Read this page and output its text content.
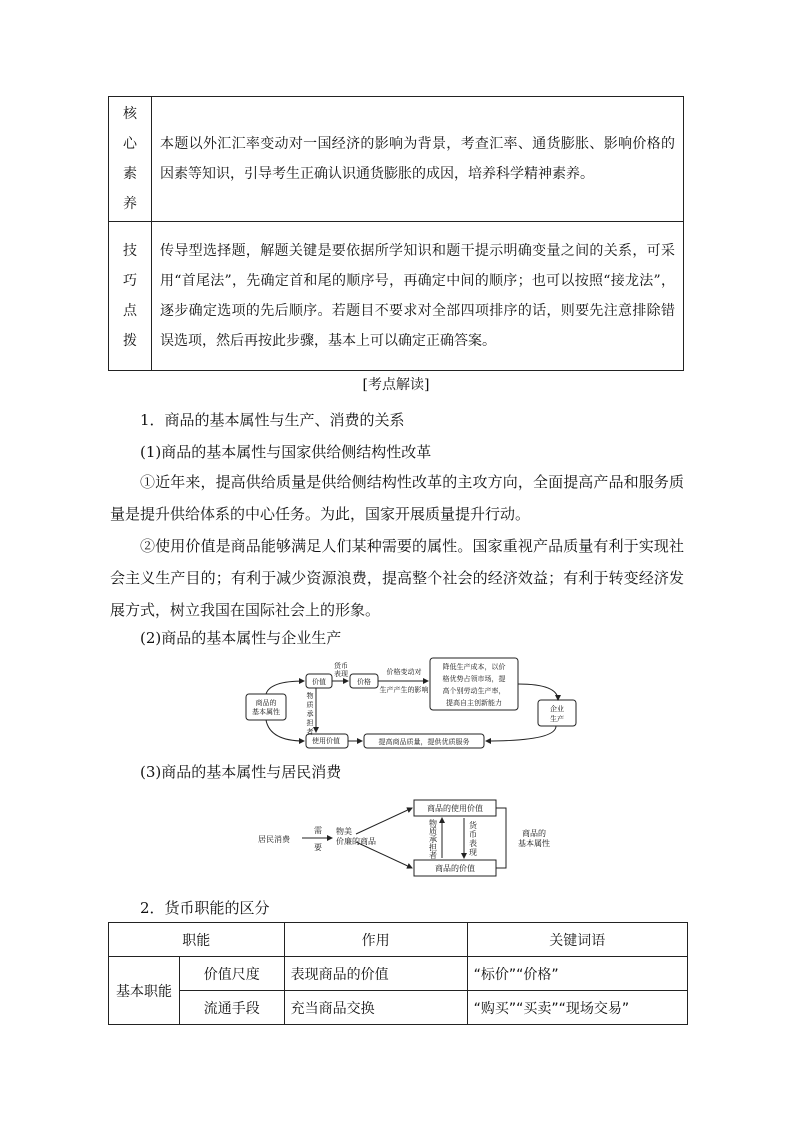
核
心
素
养	本题以外汇汇率变动对一国经济的影响为背景，考查汇率、通货膨胀、影响价格的因素等知识，引导考生正确认识通货膨胀的成因，培养科学精神素养。

技
巧
点
拨	传导型选择题，解题关键是要依据所学知识和题干提示明确变量之间的关系，可采用“首尾法”，先确定首和尾的顺序号，再确定中间的顺序；也可以按照“接龙法”，逐步确定选项的先后顺序。若题目不要求对全部四项排序的话，则要先注意排除错误选项，然后再按此步骤，基本上可以确定正确答案。
[考点解读]
1．商品的基本属性与生产、消费的关系
(1)商品的基本属性与国家供给侧结构性改革
①近年来，提高供给质量是供给侧结构性改革的主攻方向，全面提高产品和服务质量是提升供给体系的中心任务。为此，国家开展质量提升行动。
②使用价值是商品能够满足人们某种需要的属性。国家重视产品质量有利于实现社会主义生产目的；有利于减少资源浪费，提高整个社会的经济效益；有利于转变经济发展方式，树立我国在国际社会上的形象。
(2)商品的基本属性与企业生产
商品的
基本属性
价值
货币
表现
价格
价格变动对
生产产生的影响
降低生产成本，以价
格优势占领市场，提
高个别劳动生产率，
提高自主创新能力
企业
生产
使用价值	提高商品质量，提供优质服务
物
质
承
担
者
(3)商品的基本属性与居民消费
居民消费
需
要
物美
价廉的商品
商品的使用价值
商品的价值
物
质
承
担
者
货
币
表
现
商品的
基本属性
2．货币职能的区分
职能		作用	关键词语
基本职能	价值尺度	表现商品的价值	“标价”“价格”
	流通手段	充当商品交换	“购买”“买卖”“现场交易”
